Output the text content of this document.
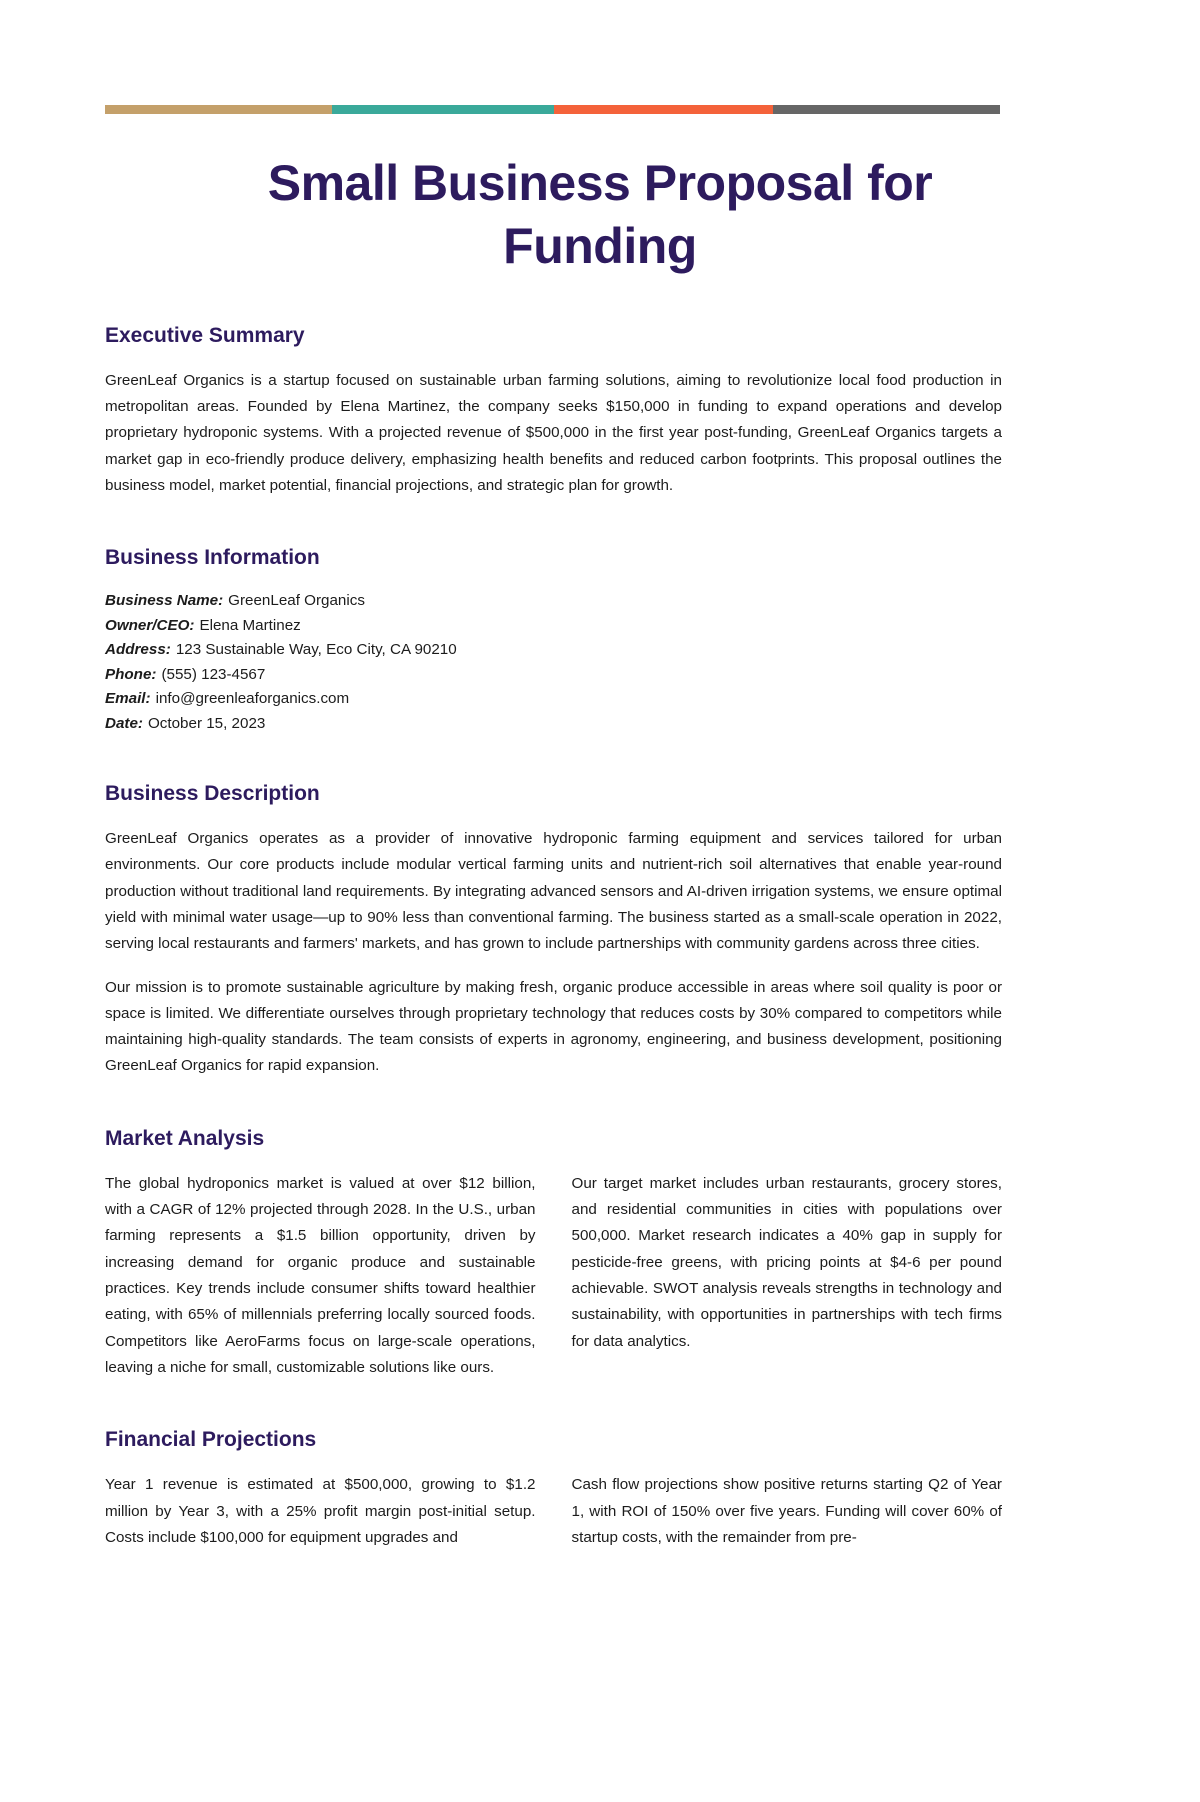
Small Business Proposal for Funding
Executive Summary

GreenLeaf Organics is a startup focused on sustainable urban farming solutions, aiming to revolutionize local food production in metropolitan areas. Founded by Elena Martinez, the company seeks $150,000 in funding to expand operations and develop proprietary hydroponic systems. With a projected revenue of $500,000 in the first year post-funding, GreenLeaf Organics targets a market gap in eco-friendly produce delivery, emphasizing health benefits and reduced carbon footprints. This proposal outlines the business model, market potential, financial projections, and strategic plan for growth.

Business Information
Business Name: GreenLeaf Organics
Owner/CEO: Elena Martinez
Address: 123 Sustainable Way, Eco City, CA 90210
Phone: (555) 123-4567
Email: info@greenleaforganics.com
Date: October 15, 2023
Business Description

GreenLeaf Organics operates as a provider of innovative hydroponic farming equipment and services tailored for urban environments. Our core products include modular vertical farming units and nutrient-rich soil alternatives that enable year-round production without traditional land requirements. By integrating advanced sensors and AI-driven irrigation systems, we ensure optimal yield with minimal water usage—up to 90% less than conventional farming. The business started as a small-scale operation in 2022, serving local restaurants and farmers' markets, and has grown to include partnerships with community gardens across three cities.

Our mission is to promote sustainable agriculture by making fresh, organic produce accessible in areas where soil quality is poor or space is limited. We differentiate ourselves through proprietary technology that reduces costs by 30% compared to competitors while maintaining high-quality standards. The team consists of experts in agronomy, engineering, and business development, positioning GreenLeaf Organics for rapid expansion.

Market Analysis

The global hydroponics market is valued at over $12 billion, with a CAGR of 12% projected through 2028. In the U.S., urban farming represents a $1.5 billion opportunity, driven by increasing demand for organic produce and sustainable practices. Key trends include consumer shifts toward healthier eating, with 65% of millennials preferring locally sourced foods. Competitors like AeroFarms focus on large-scale operations, leaving a niche for small, customizable solutions like ours.

Our target market includes urban restaurants, grocery stores, and residential communities in cities with populations over 500,000. Market research indicates a 40% gap in supply for pesticide-free greens, with pricing points at $4-6 per pound achievable. SWOT analysis reveals strengths in technology and sustainability, with opportunities in partnerships with tech firms for data analytics.

Financial Projections

Year 1 revenue is estimated at $500,000, growing to $1.2 million by Year 3, with a 25% profit margin post-initial setup. Costs include $100,000 for equipment upgrades and

Cash flow projections show positive returns starting Q2 of Year 1, with ROI of 150% over five years. Funding will cover 60% of startup costs, with the remainder from pre-
